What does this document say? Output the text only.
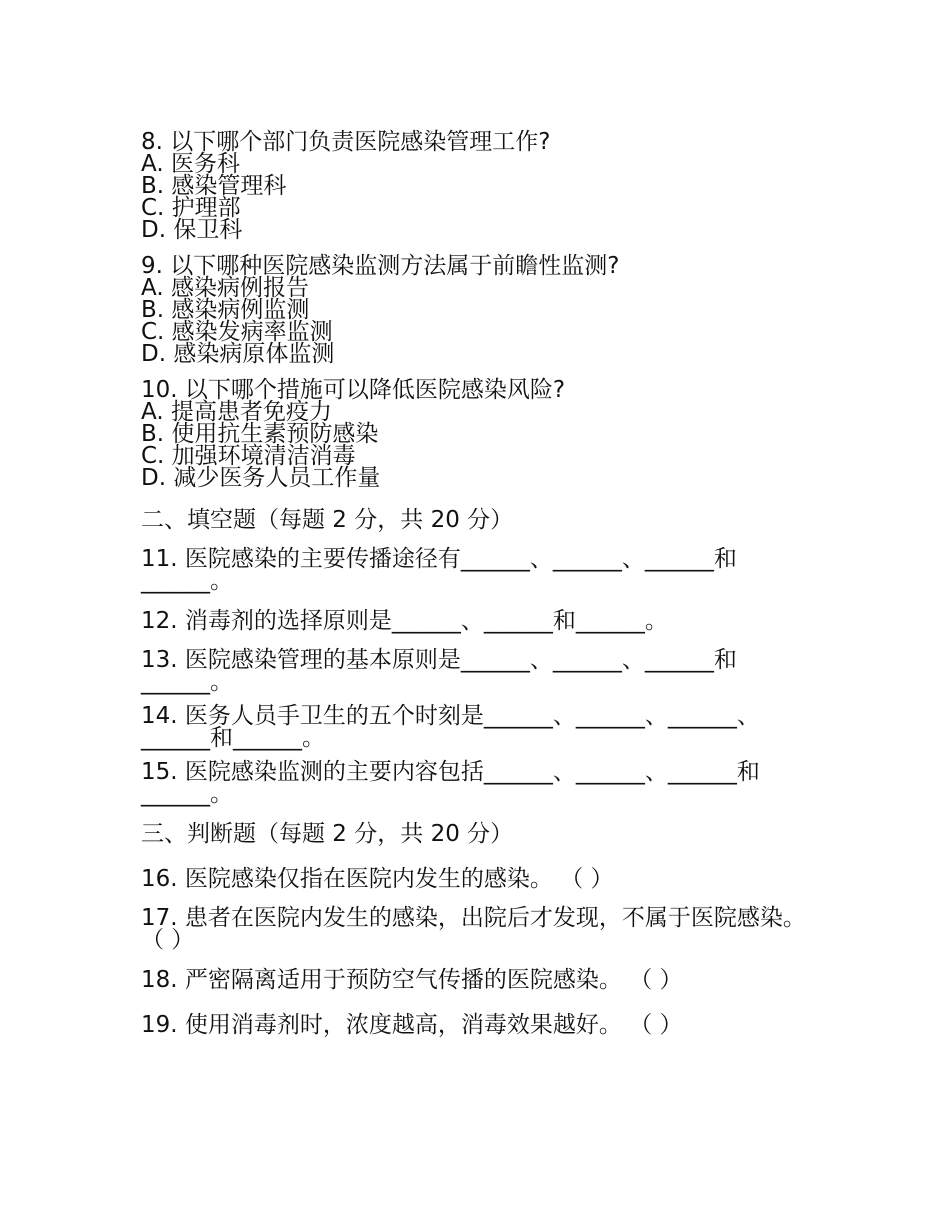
8. 以下哪个部门负责医院感染管理工作?
A. 医务科
B. 感染管理科
C. 护理部
D. 保卫科
9. 以下哪种医院感染监测方法属于前瞻性监测?
A. 感染病例报告
B. 感染病例监测
C. 感染发病率监测
D. 感染病原体监测
10. 以下哪个措施可以降低医院感染风险?
A. 提高患者免疫力
B. 使用抗生素预防感染
C. 加强环境清洁消毒
D. 减少医务人员工作量
二、填空题（每题 2 分，共 20 分）
11. 医院感染的主要传播途径有______、______、______和______。
12. 消毒剂的选择原则是______、______和______。
13. 医院感染管理的基本原则是______、______、______和______。
14. 医务人员手卫生的五个时刻是______、______、______、______和______。
15. 医院感染监测的主要内容包括______、______、______和______。
三、判断题（每题 2 分，共 20 分）
16. 医院感染仅指在医院内发生的感染。 （ ）
17. 患者在医院内发生的感染，出院后才发现，不属于医院感染。 （ ）
18. 严密隔离适用于预防空气传播的医院感染。 （ ）
19. 使用消毒剂时，浓度越高，消毒效果越好。 （ ）
